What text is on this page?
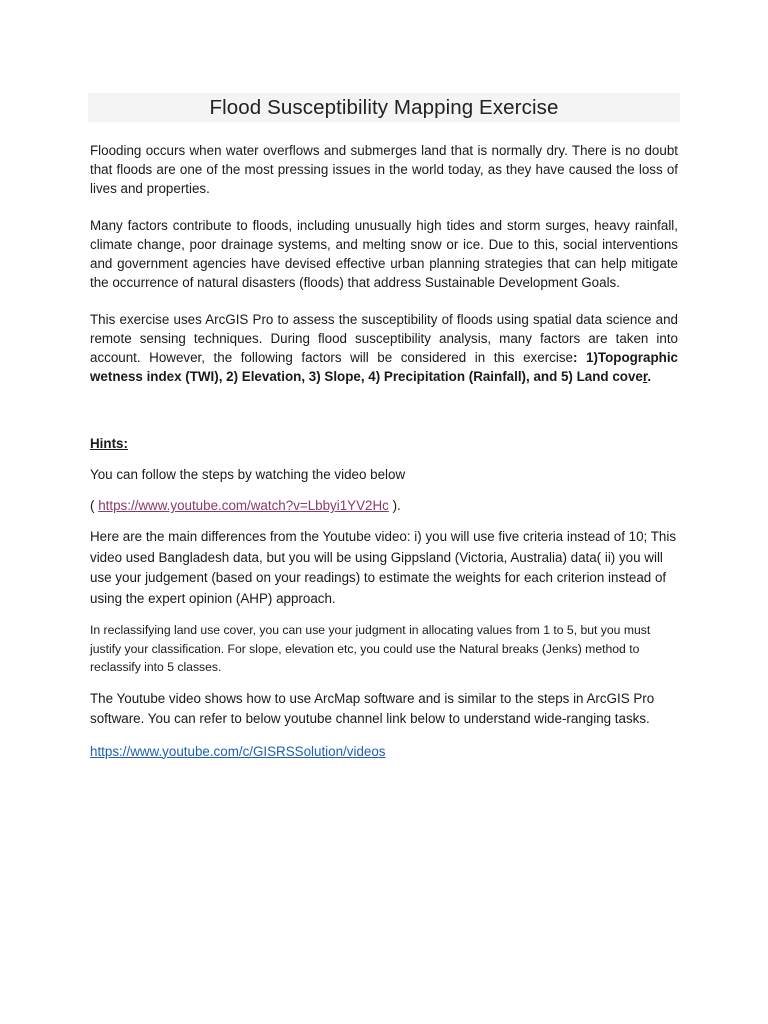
Flood Susceptibility Mapping Exercise

Flooding occurs when water overflows and submerges land that is normally dry. There is no doubt that floods are one of the most pressing issues in the world today, as they have caused the loss of lives and properties.

Many factors contribute to floods, including unusually high tides and storm surges, heavy rainfall, climate change, poor drainage systems, and melting snow or ice. Due to this, social interventions and government agencies have devised effective urban planning strategies that can help mitigate the occurrence of natural disasters (floods) that address Sustainable Development Goals.

This exercise uses ArcGIS Pro to assess the susceptibility of floods using spatial data science and remote sensing techniques. During flood susceptibility analysis, many factors are taken into account. However, the following factors will be considered in this exercise: 1)Topographic wetness index (TWI), 2) Elevation, 3) Slope, 4) Precipitation (Rainfall), and 5) Land cover.

Hints:

You can follow the steps by watching the video below

( https://www.youtube.com/watch?v=Lbbyi1YV2Hc ).

Here are the main differences from the Youtube video: i) you will use five criteria instead of 10; This video used Bangladesh data, but you will be using Gippsland (Victoria, Australia) data( ii) you will use your judgement (based on your readings) to estimate the weights for each criterion instead of using the expert opinion (AHP) approach.

In reclassifying land use cover, you can use your judgment in allocating values from 1 to 5, but you must justify your classification. For slope, elevation etc, you could use the Natural breaks (Jenks) method to reclassify into 5 classes.

The Youtube video shows how to use ArcMap software and is similar to the steps in ArcGIS Pro software. You can refer to below youtube channel link below to understand wide-ranging tasks.

https://www.youtube.com/c/GISRSSolution/videos
